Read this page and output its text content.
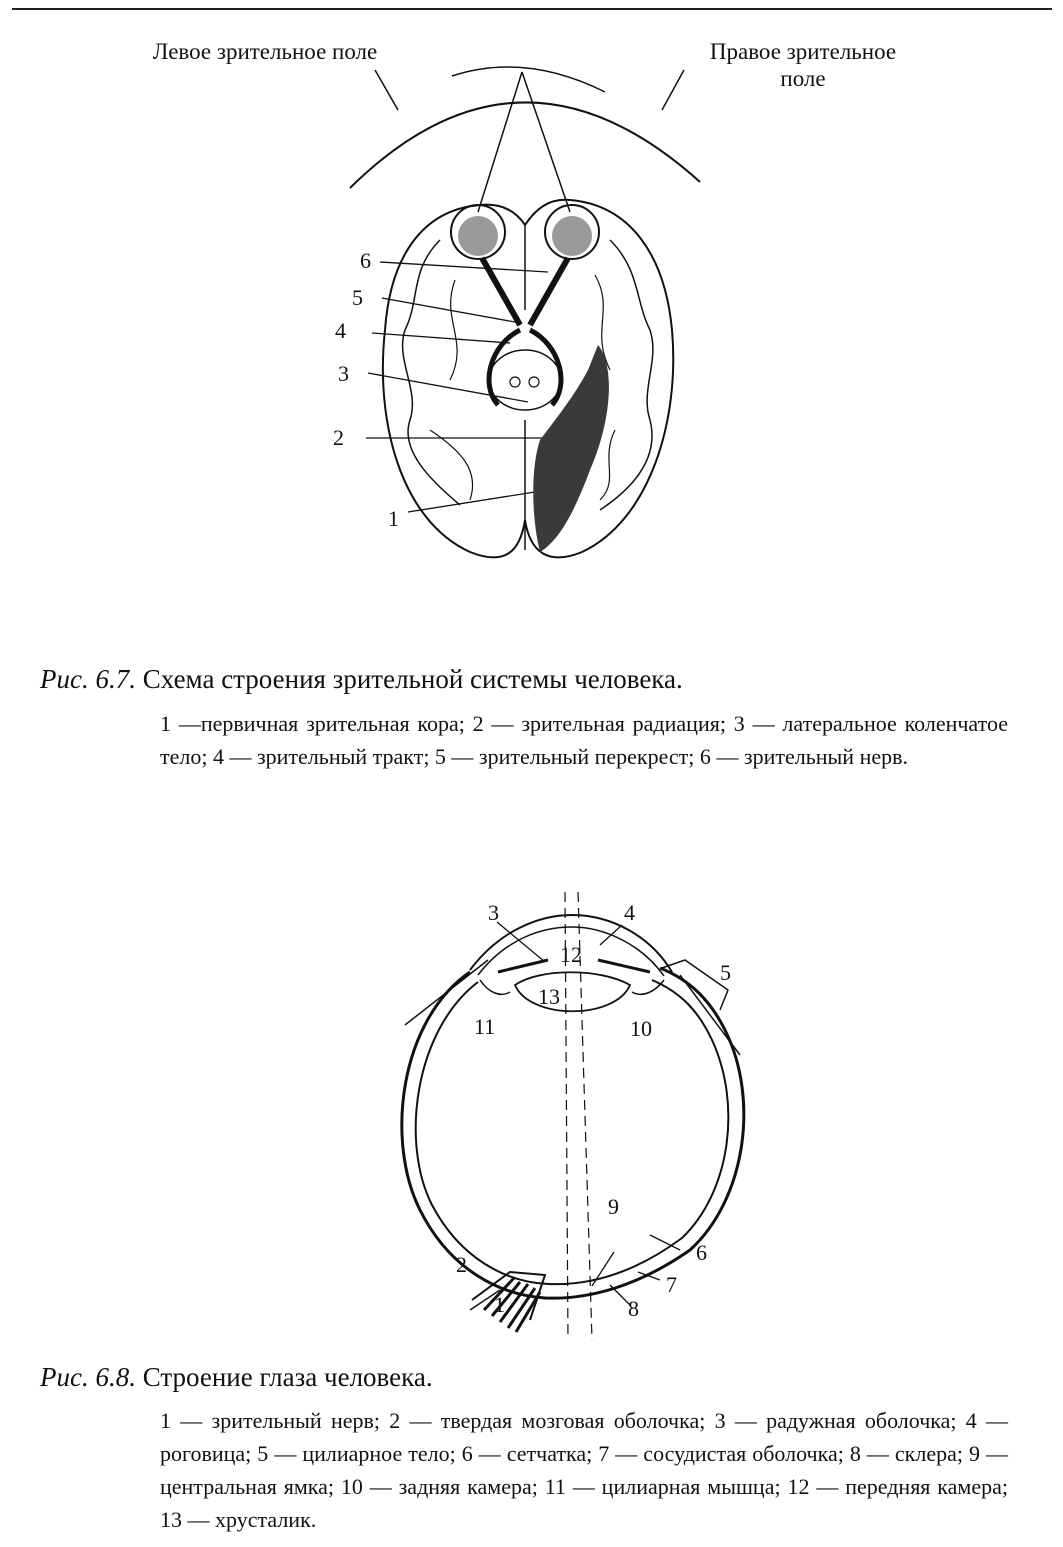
Левое зрительное поле	Правое зрительное поле
6
5
4
3
2
1
Рис. 6.7. Схема строения зрительной системы человека.
1 —первичная зрительная кора; 2 — зрительная радиация; 3 — латеральное коленчатое тело; 4 — зрительный тракт; 5 — зрительный перекрест; 6 — зрительный нерв.
3	4
12
5
13
11	10
9
6
2
7
1	8
Рис. 6.8. Строение глаза человека.
1 — зрительный нерв; 2 — твердая мозговая оболочка; 3 — радужная оболочка; 4 — роговица; 5 — цилиарное тело; 6 — сетчатка; 7 — сосудистая оболочка; 8 — склера; 9 — центральная ямка; 10 — задняя камера; 11 — цилиарная мышца; 12 — передняя камера; 13 — хрусталик.
